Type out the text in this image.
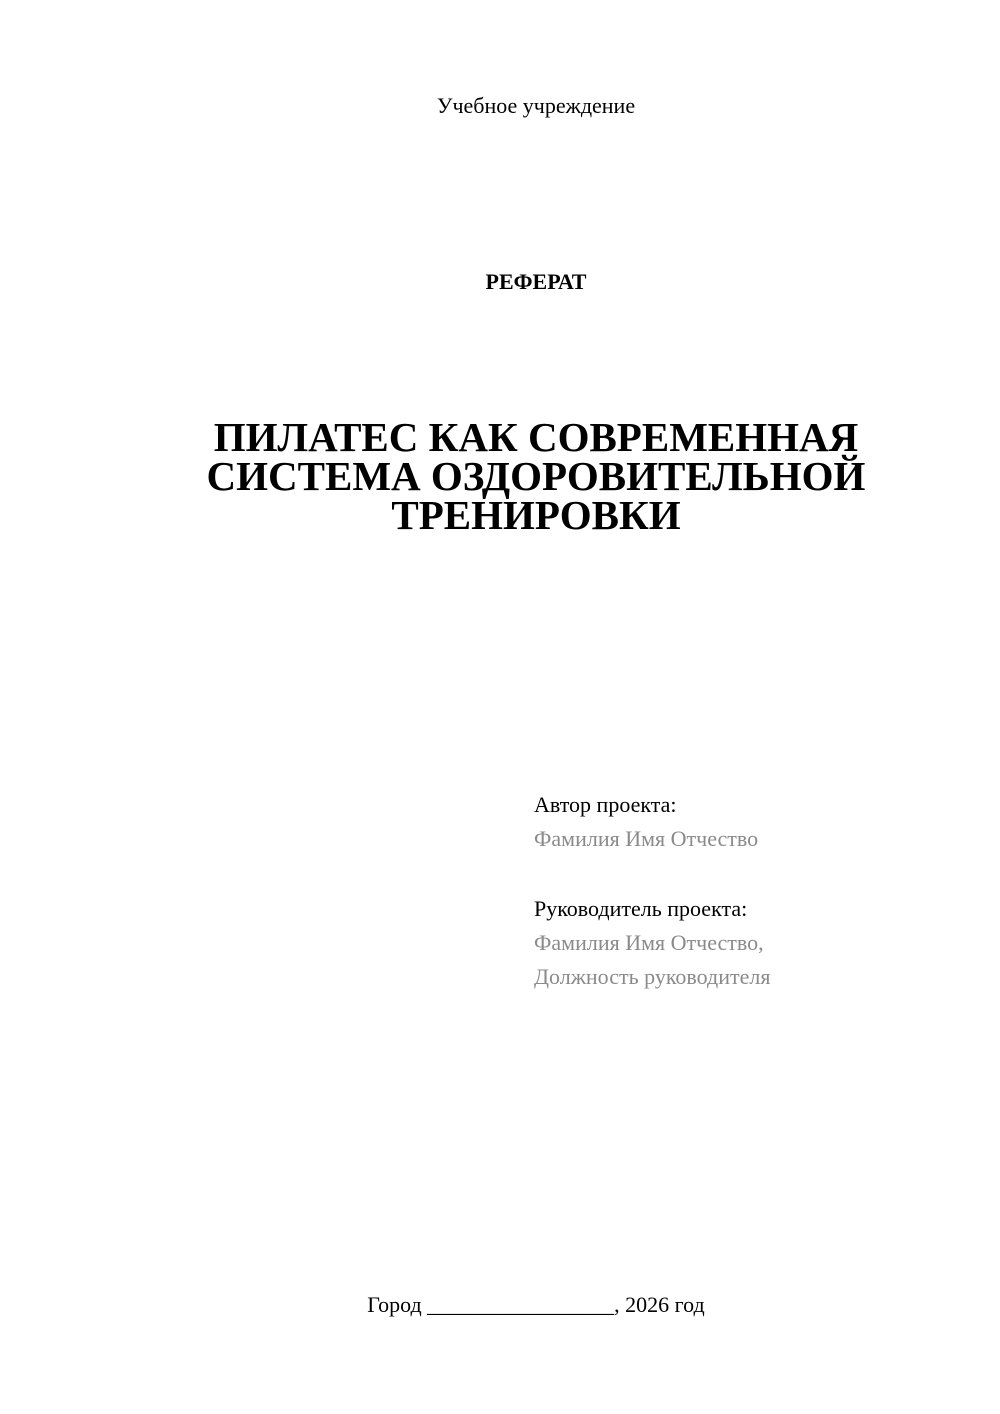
Учебное учреждение
РЕФЕРАТ
ПИЛАТЕС КАК СОВРЕМЕННАЯ
СИСТЕМА ОЗДОРОВИТЕЛЬНОЙ
ТРЕНИРОВКИ
Автор проекта:
Фамилия Имя Отчество
Руководитель проекта:
Фамилия Имя Отчество,
Должность руководителя
Город _________________, 2026 год
